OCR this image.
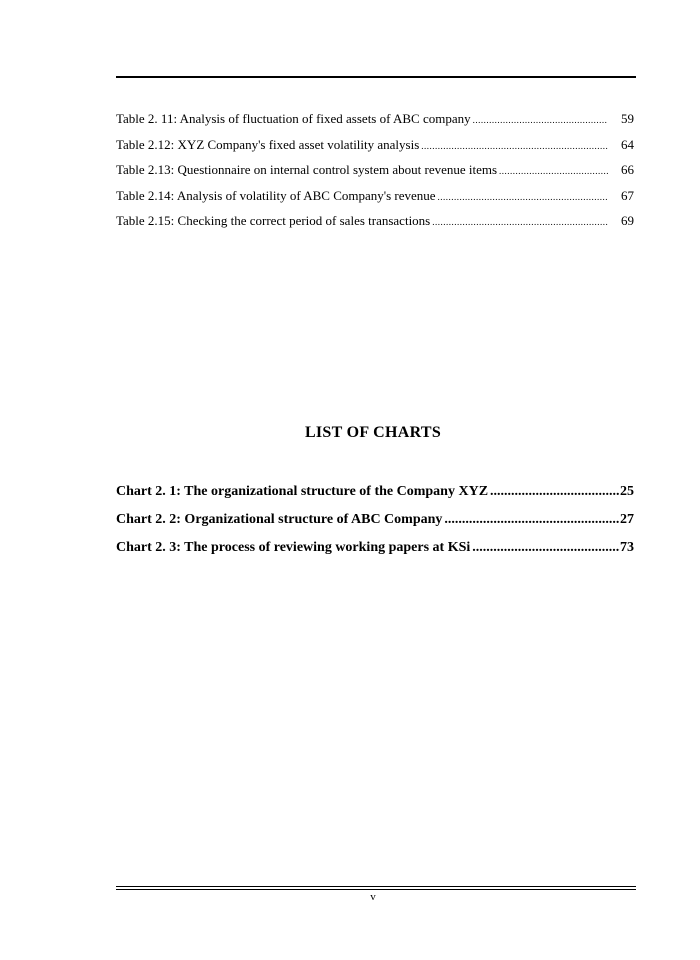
Table 2. 11: Analysis of fluctuation of fixed assets of ABC company .....	59
Table 2.12: XYZ Company's fixed asset volatility analysis .....	64
Table 2.13: Questionnaire on internal control system about revenue items .....	66
Table 2.14: Analysis of volatility of ABC Company's revenue .....	67
Table 2.15: Checking the correct period of sales transactions .....	69
LIST OF CHARTS
Chart 2. 1: The organizational structure of the Company XYZ .....	25
Chart 2. 2: Organizational structure of ABC Company .....	27
Chart 2. 3: The process of reviewing working papers at KSi .....	73
v
